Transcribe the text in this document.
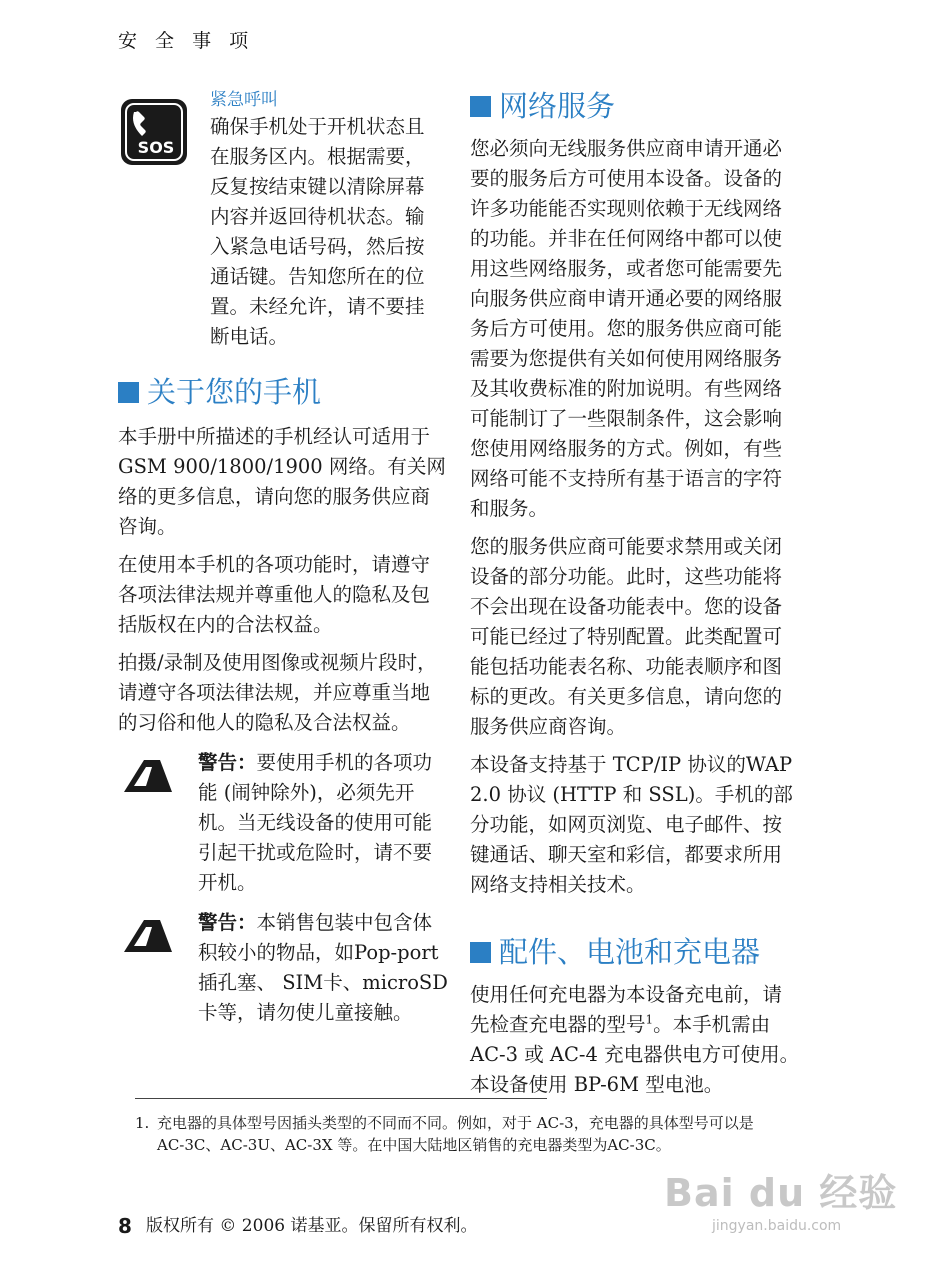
安 全 事 项
SOS
紧急呼叫

确保手机处于开机状态且在服务区内。根据需要，反复按结束键以清除屏幕内容并返回待机状态。输入紧急电话号码，然后按通话键。告知您所在的位置。未经允许，请不要挂断电话。

关于您的手机

本手册中所描述的手机经认可适用于 GSM 900/1800/1900 网络。有关网络的更多信息，请向您的服务供应商咨询。

在使用本手机的各项功能时，请遵守各项法律法规并尊重他人的隐私及包括版权在内的合法权益。

拍摄/录制及使用图像或视频片段时，请遵守各项法律法规，并应尊重当地的习俗和他人的隐私及合法权益。

警告：要使用手机的各项功能 (闹钟除外)，必须先开机。当无线设备的使用可能引起干扰或危险时，请不要开机。

警告：本销售包装中包含体积较小的物品，如Pop-port 插孔塞、 SIM卡、microSD卡等，请勿使儿童接触。

网络服务

您必须向无线服务供应商申请开通必要的服务后方可使用本设备。设备的许多功能能否实现则依赖于无线网络的功能。并非在任何网络中都可以使用这些网络服务，或者您可能需要先向服务供应商申请开通必要的网络服务后方可使用。您的服务供应商可能需要为您提供有关如何使用网络服务及其收费标准的附加说明。有些网络可能制订了一些限制条件，这会影响您使用网络服务的方式。例如，有些网络可能不支持所有基于语言的字符和服务。

您的服务供应商可能要求禁用或关闭设备的部分功能。此时，这些功能将不会出现在设备功能表中。您的设备可能已经过了特别配置。此类配置可能包括功能表名称、功能表顺序和图标的更改。有关更多信息，请向您的服务供应商咨询。

本设备支持基于 TCP/IP 协议的WAP 2.0 协议 (HTTP 和 SSL)。手机的部分功能，如网页浏览、电子邮件、按键通话、聊天室和彩信，都要求所用网络支持相关技术。

配件、电池和充电器

使用任何充电器为本设备充电前，请先检查充电器的型号$^1$。本手机需由 AC-3 或 AC-4 充电器供电方可使用。本设备使用 BP-6M 型电池。

1. 充电器的具体型号因插头类型的不同而不同。例如，对于 AC-3，充电器的具体型号可以是 AC-3C、AC-3U、AC-3X 等。在中国大陆地区销售的充电器类型为AC-3C。
8 版权所有 © 2006 诺基亚。保留所有权利。
Bai du 经验
jingyan.baidu.com
